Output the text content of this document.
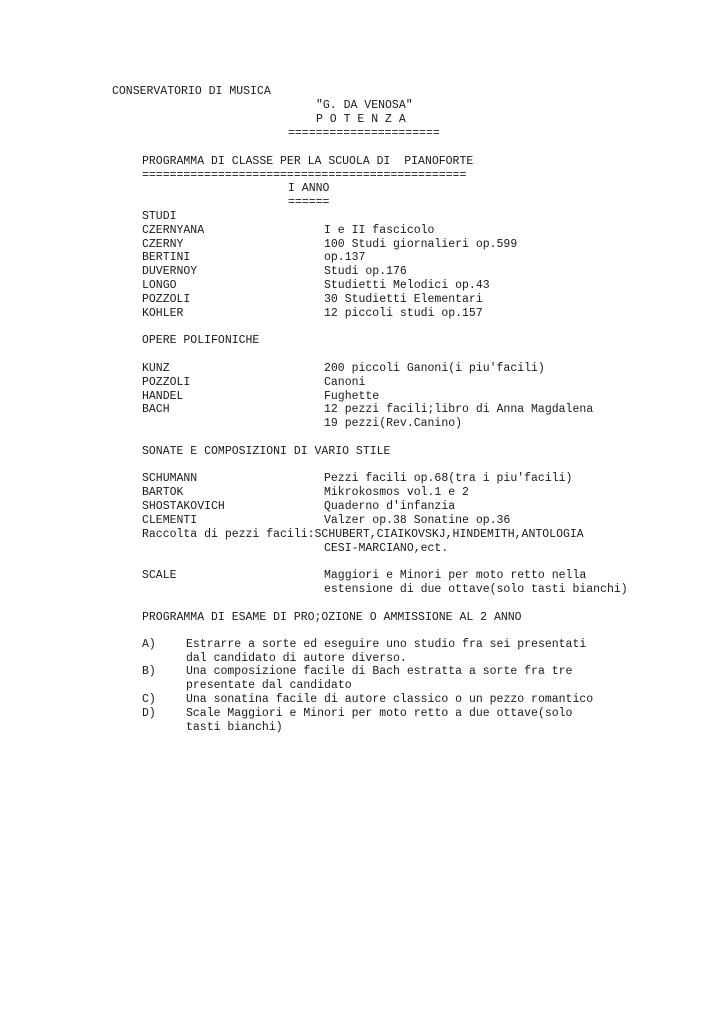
CONSERVATORIO DI MUSICA

"G. DA VENOSA"

P O T E N Z A

======================

PROGRAMMA DI CLASSE PER LA SCUOLA DI  PIANOFORTE

===============================================

I ANNO

======

STUDI

CZERNYANA	I e II fascicolo

CZERNY	100 Studi giornalieri op.599

BERTINI	op.137

DUVERNOY	Studi op.176

LONGO	Studietti Melodici op.43

POZZOLI	30 Studietti Elementari

KOHLER	12 piccoli studi op.157

OPERE POLIFONICHE

KUNZ	200 piccoli Ganoni(i piu'facili)

POZZOLI	Canoni

HANDEL	Fughette

BACH	12 pezzi facili;libro di Anna Magdalena

19 pezzi(Rev.Canino)

SONATE E COMPOSIZIONI DI VARIO STILE

SCHUMANN	Pezzi facili op.68(tra i piu'facili)

BARTOK	Mikrokosmos vol.1 e 2

SHOSTAKOVICH	Quaderno d'infanzia

CLEMENTI	Valzer op.38 Sonatine op.36

Raccolta di pezzi facili:SCHUBERT,CIAIKOVSKJ,HINDEMITH,ANTOLOGIA

CESI-MARCIANO,ect.

SCALE	Maggiori e Minori per moto retto nella

estensione di due ottave(solo tasti bianchi)

PROGRAMMA DI ESAME DI PRO;OZIONE O AMMISSIONE AL 2 ANNO

A)	Estrarre a sorte ed eseguire uno studio fra sei presentati

dal candidato di autore diverso.

B)	Una composizione facile di Bach estratta a sorte fra tre

presentate dal candidato

C)	Una sonatina facile di autore classico o un pezzo romantico

D)	Scale Maggiori e Minori per moto retto a due ottave(solo

tasti bianchi)
